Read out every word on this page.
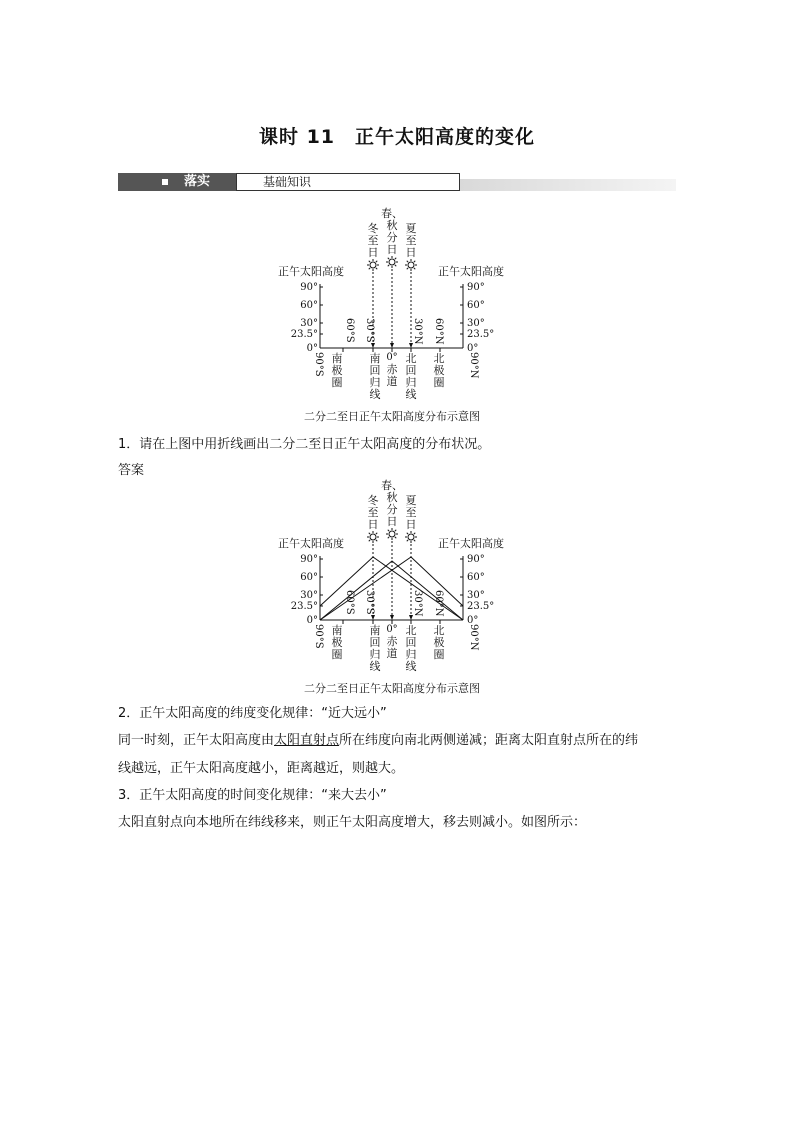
课时 11　正午太阳高度的变化
落实	基础知识
正午太阳高度	正午太阳高度
90°
60°
30°
23.5°
0°
90°
60°
30°
23.5°
0°
冬
至
日
春、
秋
分
日
夏
至
日
60°S 30°S	30°N 60°N
90°S	90°N
0°
南
极
圈
南
回
归
线
赤
道
北
回
归
线
北
极
圈
二分二至日正午太阳高度分布示意图
1．请在上图中用折线画出二分二至日正午太阳高度的分布状况。
答案
正午太阳高度	正午太阳高度
90°
60°
30°
23.5°
0°
90°
60°
30°
23.5°
0°
冬
至
日
春、
秋
分
日
夏
至
日
60°S 30°S	30°N 60°N
90°S	90°N
0°
南
极
圈
南
回
归
线
赤
道
北
回
归
线
北
极
圈
二分二至日正午太阳高度分布示意图
2．正午太阳高度的纬度变化规律：“近大远小”
同一时刻，正午太阳高度由太阳直射点所在纬度向南北两侧递减；距离太阳直射点所在的纬
线越远，正午太阳高度越小，距离越近，则越大。
3．正午太阳高度的时间变化规律：“来大去小”
太阳直射点向本地所在纬线移来，则正午太阳高度增大，移去则减小。如图所示：
